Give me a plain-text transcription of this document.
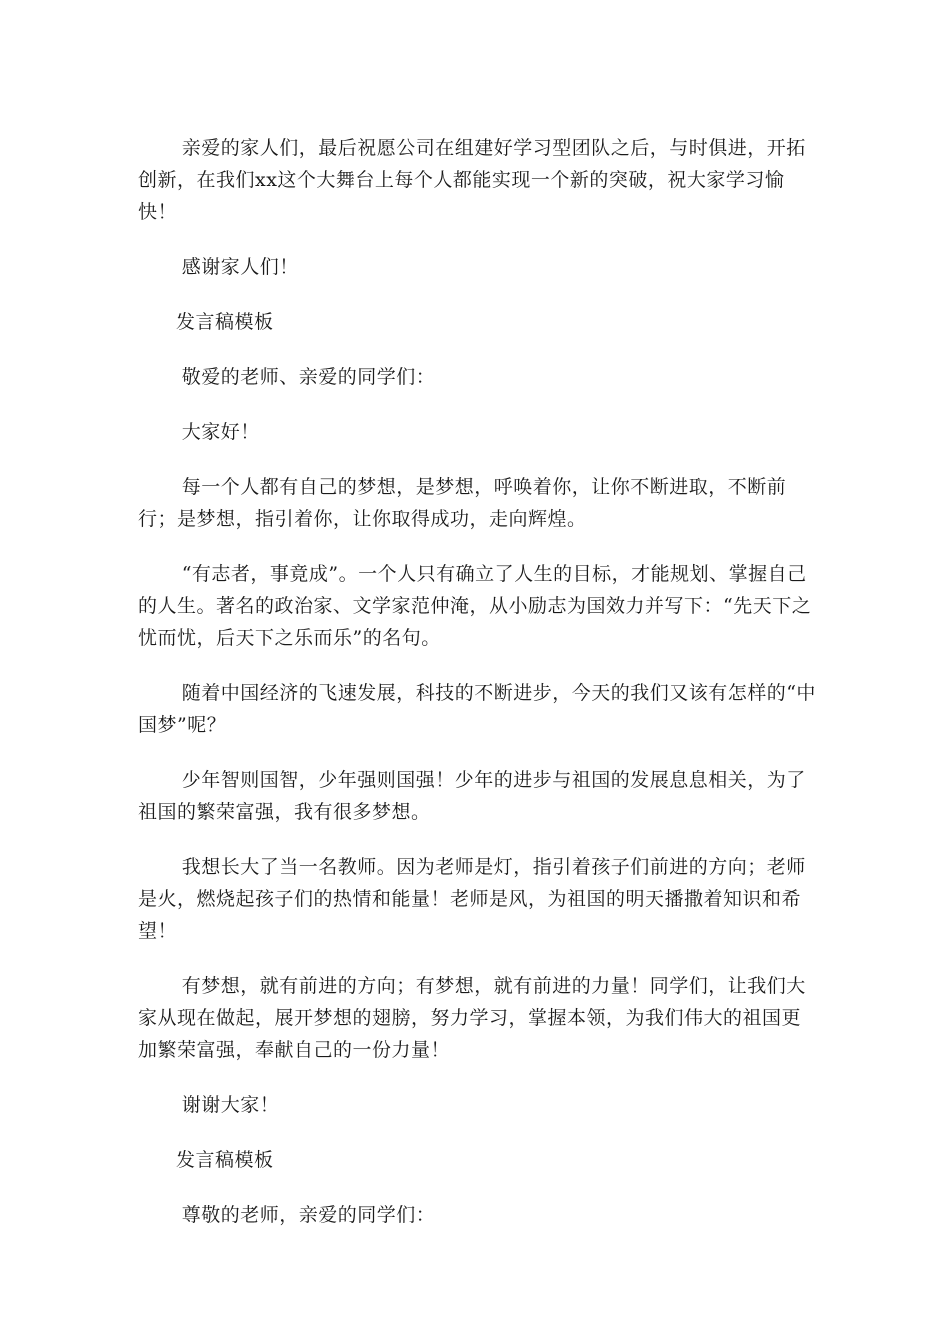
亲爱的家人们，最后祝愿公司在组建好学习型团队之后，与时俱进，开拓创新，在我们xx这个大舞台上每个人都能实现一个新的突破，祝大家学习愉快！

感谢家人们！

发言稿模板

敬爱的老师、亲爱的同学们：

大家好！

每一个人都有自己的梦想，是梦想，呼唤着你，让你不断进取，不断前行；是梦想，指引着你，让你取得成功，走向辉煌。

“有志者，事竟成”。一个人只有确立了人生的目标，才能规划、掌握自己的人生。著名的政治家、文学家范仲淹，从小励志为国效力并写下：“先天下之忧而忧，后天下之乐而乐”的名句。

随着中国经济的飞速发展，科技的不断进步，今天的我们又该有怎样的“中国梦”呢？

少年智则国智，少年强则国强！少年的进步与祖国的发展息息相关，为了祖国的繁荣富强，我有很多梦想。

我想长大了当一名教师。因为老师是灯，指引着孩子们前进的方向；老师是火，燃烧起孩子们的热情和能量！老师是风，为祖国的明天播撒着知识和希望！

有梦想，就有前进的方向；有梦想，就有前进的力量！同学们，让我们大家从现在做起，展开梦想的翅膀，努力学习，掌握本领，为我们伟大的祖国更加繁荣富强，奉献自己的一份力量！

谢谢大家！

发言稿模板

尊敬的老师，亲爱的同学们：
